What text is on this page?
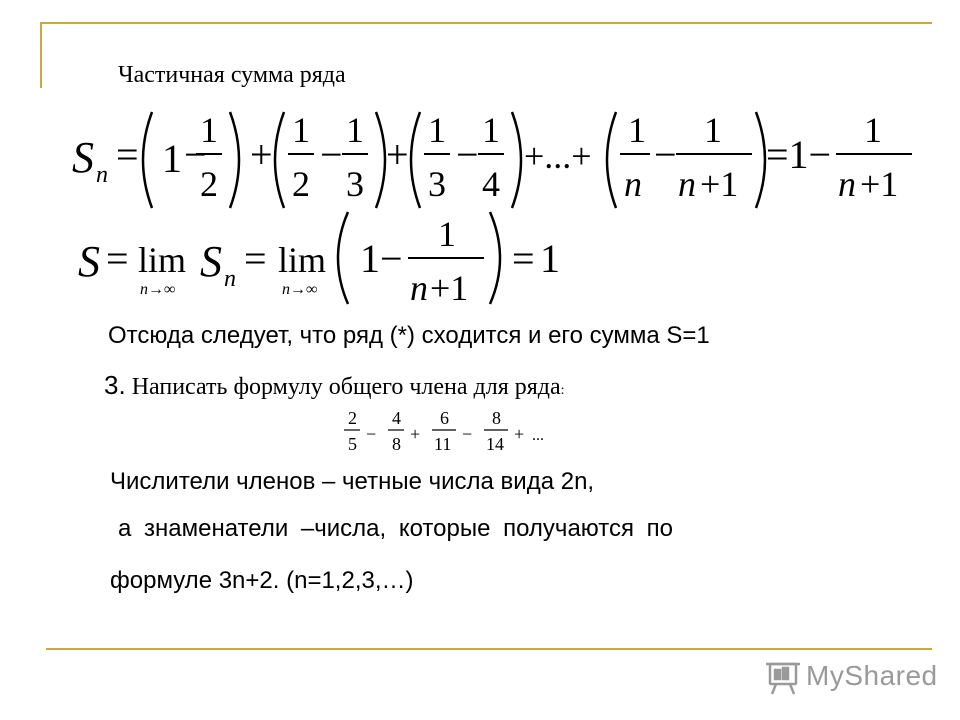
Частичная сумма ряда
S n = 1 −
1
2
+
1
2
−
1
3
+
1
3
−
1
4
+...+
1
n
−
1
n +1
=1−
1
n +1
S = lim
n→∞
S n = lim
n→∞
1−
1
n +1
= 1
2
5 −
4
8 +
6
11 −
8
14 + ...
Отсюда следует, что ряд (*) сходится и его сумма S=1
3. Написать формулу общего члена для ряда:
Числители членов – четные числа вида 2n,
а знаменатели –числа, которые получаются по
формуле 3n+2. (n=1,2,3,…)
MyShared
